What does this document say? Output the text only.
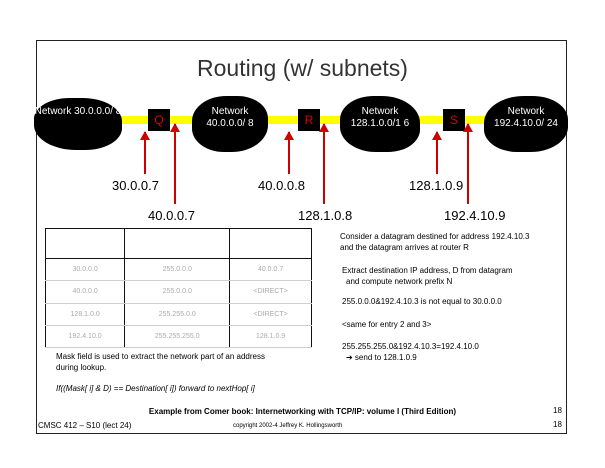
Routing (w/ subnets)
Network 30.0.0.0/ 8	Network 40.0.0.0/ 8
Network 128.1.0.0/1 6
Network 192.4.10.0/ 24
Q	R	S
30.0.0.7
40.0.0.7
40.0.0.8
128.1.0.8
128.1.0.9
192.4.10.9

30.0.0.0	255.0.0.0	40.0.0.7
40.0.0.0	255.0.0.0	<DIRECT>
128.1.0.0	255.255.0.0	<DIRECT>
192.4.10.0	255.255.255.0	128.1.0.9
Mask field is used to extract the network part of an address
during lookup.
If((Mask[ i] & D) == Destination[ i]) forward to nextHop[ i]
Consider a datagram destined for address 192.4.10.3
and the datagram arrives at router R
Extract destination IP address, D from datagram
and compute network prefix N
255.0.0.0&192.4.10.3 is not equal to 30.0.0.0
<same for entry 2 and 3>
255.255.255.0&192.4.10.3=192.4.10.0
➔ send to 128.1.0.9
Example from Comer book: Internetworking with TCP/IP: volume I (Third Edition)
CMSC 412 – S10 (lect 24)	copyright 2002-4 Jeffrey K. Hollingsworth
18
18
